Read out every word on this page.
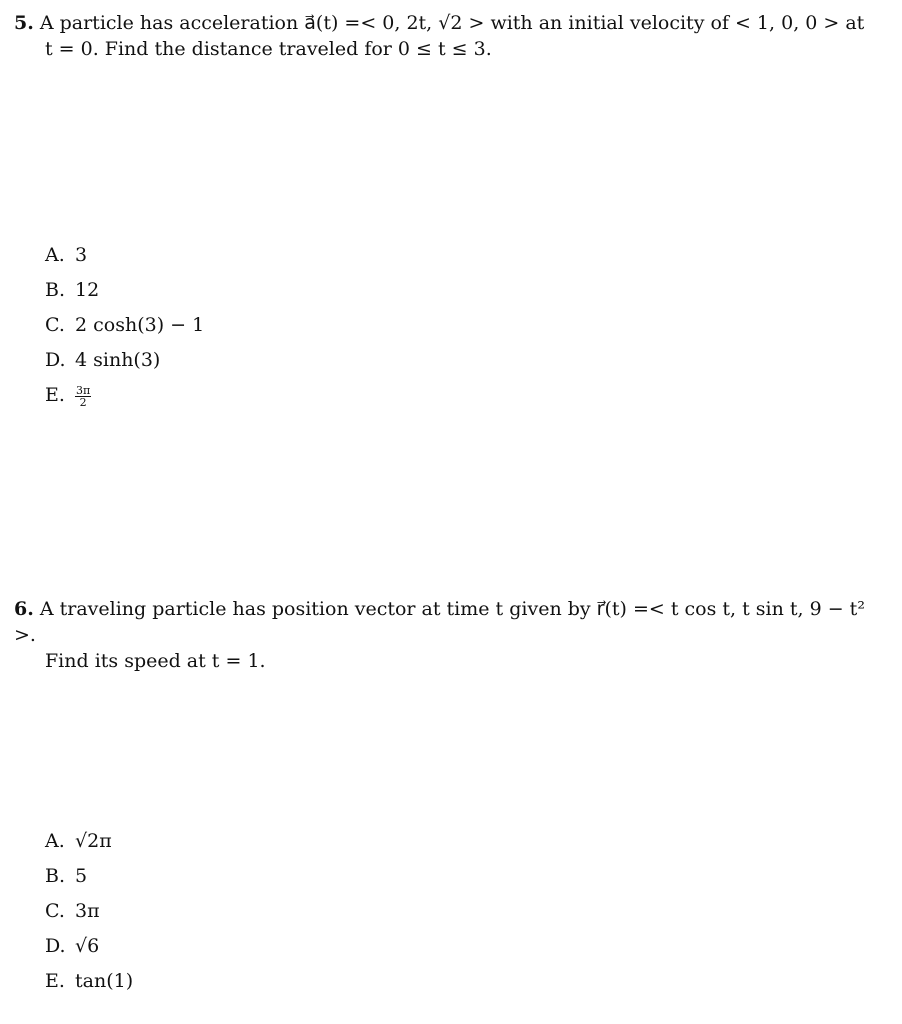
5. A particle has acceleration a⃗(t) =< 0, 2t, √2 > with an initial velocity of < 1, 0, 0 > at
t = 0. Find the distance traveled for 0 ≤ t ≤ 3.
A. 3
B. 12
C. 2 cosh(3) − 1
D. 4 sinh(3)
E. $\frac{3\pi}{2}$
6. A traveling particle has position vector at time t given by r⃗(t) =< t cos t, t sin t, 9 − t² >.
Find its speed at t = 1.
A. √2π
B. 5
C. 3π
D. √6
E. tan(1)
